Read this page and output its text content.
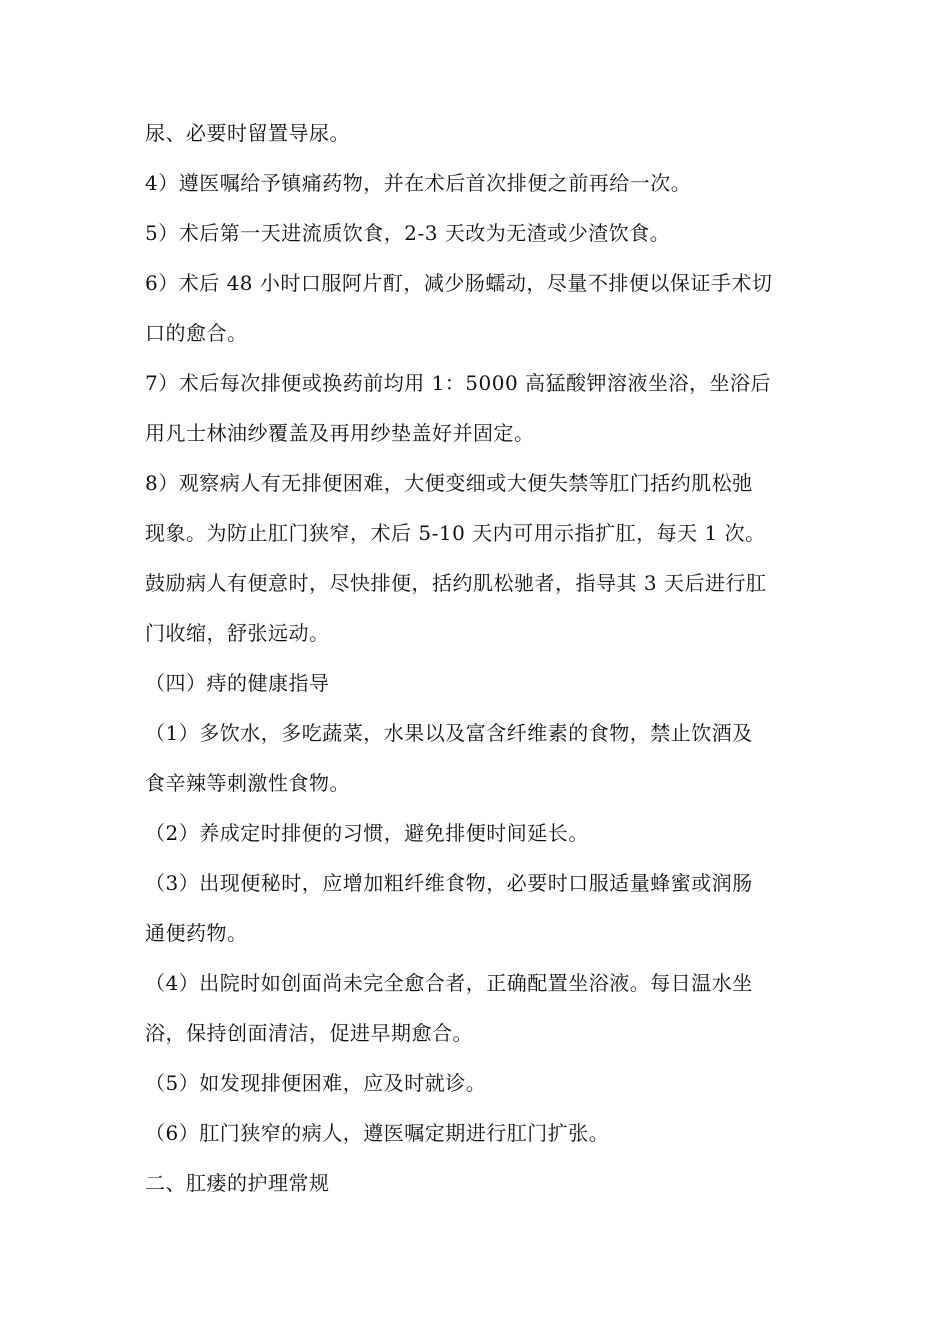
尿、必要时留置导尿。
4）遵医嘱给予镇痛药物，并在术后首次排便之前再给一次。
5）术后第一天进流质饮食，2-3 天改为无渣或少渣饮食。
6）术后 48 小时口服阿片酊，减少肠蠕动，尽量不排便以保证手术切
口的愈合。
7）术后每次排便或换药前均用 1：5000 高猛酸钾溶液坐浴，坐浴后
用凡士林油纱覆盖及再用纱垫盖好并固定。
8）观察病人有无排便困难，大便变细或大便失禁等肛门括约肌松弛
现象。为防止肛门狭窄，术后 5-10 天内可用示指扩肛，每天 1 次。
鼓励病人有便意时，尽快排便，括约肌松驰者，指导其 3 天后进行肛
门收缩，舒张远动。
（四）痔的健康指导
（1）多饮水，多吃蔬菜，水果以及富含纤维素的食物，禁止饮酒及
食辛辣等刺激性食物。
（2）养成定时排便的习惯，避免排便时间延长。
（3）出现便秘时，应增加粗纤维食物，必要时口服适量蜂蜜或润肠
通便药物。
（4）出院时如创面尚未完全愈合者，正确配置坐浴液。每日温水坐
浴，保持创面清洁，促进早期愈合。
（5）如发现排便困难，应及时就诊。
（6）肛门狭窄的病人，遵医嘱定期进行肛门扩张。
二、肛瘘的护理常规
